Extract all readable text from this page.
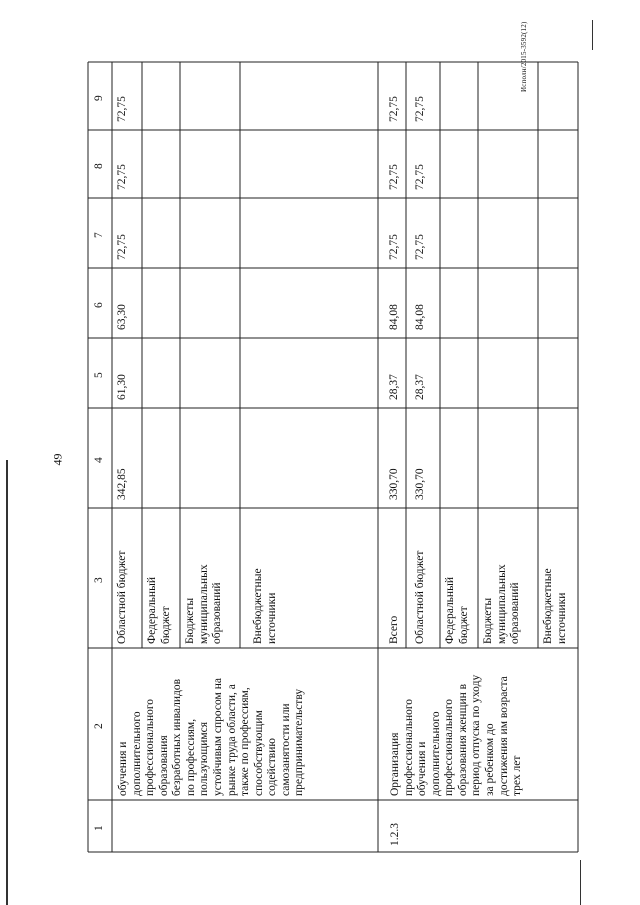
49
Исполн/2015-3592(12)
1
2
3
4
5
6
7
8
9
обучения и дополнительного профессионального образования безработных инвалидов по профессиям, пользующимся устойчивым спросом на рынке труда области, а также по профессиям, способствующим содействию самозанятости или предпринимательству
Областной бюджет
342,85
61,30
63,30
72,75
72,75
72,75
Федеральный бюджет Бюджеты муниципальных образований	Внебюджетные источники
1.2.3
Организация профессионального обучения и дополнительного профессионального образования женщин в период отпуска по уходу за ребенком до достижения им возраста трех лет
Всего
330,70
28,37
84,08
72,75
72,75
72,75
Областной бюджет
330,70
28,37
84,08
72,75
72,75
72,75
Федеральный бюджет Бюджеты муниципальных образований Внебюджетные источники
